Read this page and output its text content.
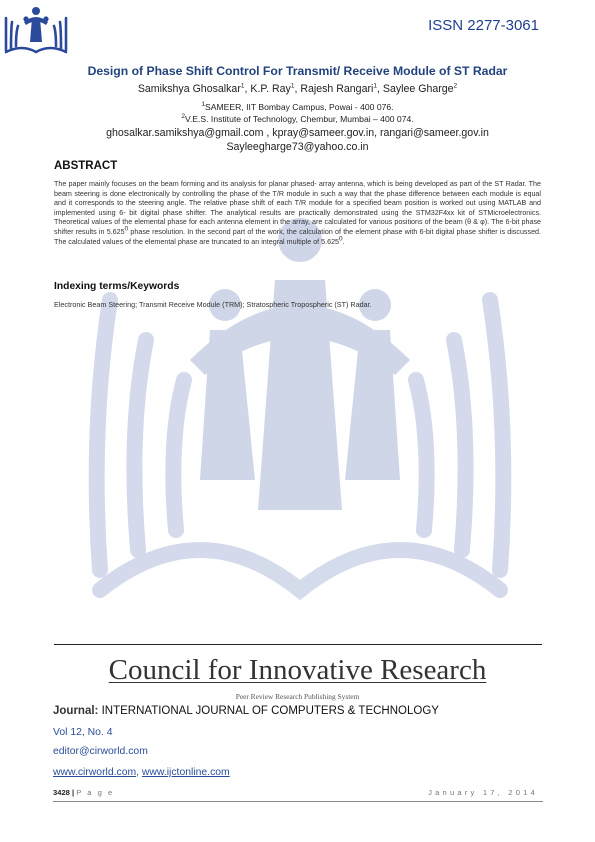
ISSN 2277-3061
Design of Phase Shift Control For Transmit/ Receive Module of ST Radar
Samikshya Ghosalkar$^1$, K.P. Ray$^1$, Rajesh Rangari$^1$, Saylee Gharge$^2$
$^1$SAMEER, IIT Bombay Campus, Powai - 400 076.
$^2$V.E.S. Institute of Technology, Chembur, Mumbai – 400 074.
ghosalkar.samikshya@gmail.com , kpray@sameer.gov.in, rangari@sameer.gov.in
Sayleegharge73@yahoo.co.in
ABSTRACT
The paper mainly focuses on the beam forming and its analysis for planar phased- array antenna, which is being developed as part of the ST Radar. The beam steering is done electronically by controlling the phase of the T/R module in such a way that the phase difference between each module is equal and it corresponds to the steering angle. The relative phase shift of each T/R module for a specified beam position is worked out using MATLAB and implemented using 6- bit digital phase shifter. The analytical results are practically demonstrated using the STM32F4xx kit of STMicroelectronics. Theoretical values of the elemental phase for each antenna element in the array, are calculated for various positions of the beam (θ & φ). The 6-bit phase shifter results in 5.625$^0$ phase resolution. In the second part of the work, the calculation of the element phase with 6-bit digital phase shifter is discussed. The calculated values of the elemental phase are truncated to an integral multiple of 5.625$^0$.
Indexing terms/Keywords
Electronic Beam Steering; Transmit Receive Module (TRM); Stratospheric Tropospheric (ST) Radar.
Council for Innovative Research
Peer Review Research Publishing System
Journal: INTERNATIONAL JOURNAL OF COMPUTERS & TECHNOLOGY
Vol 12, No. 4
editor@cirworld.com
www.cirworld.com, www.ijctonline.com
3428 | P a g e	January 17, 2014
